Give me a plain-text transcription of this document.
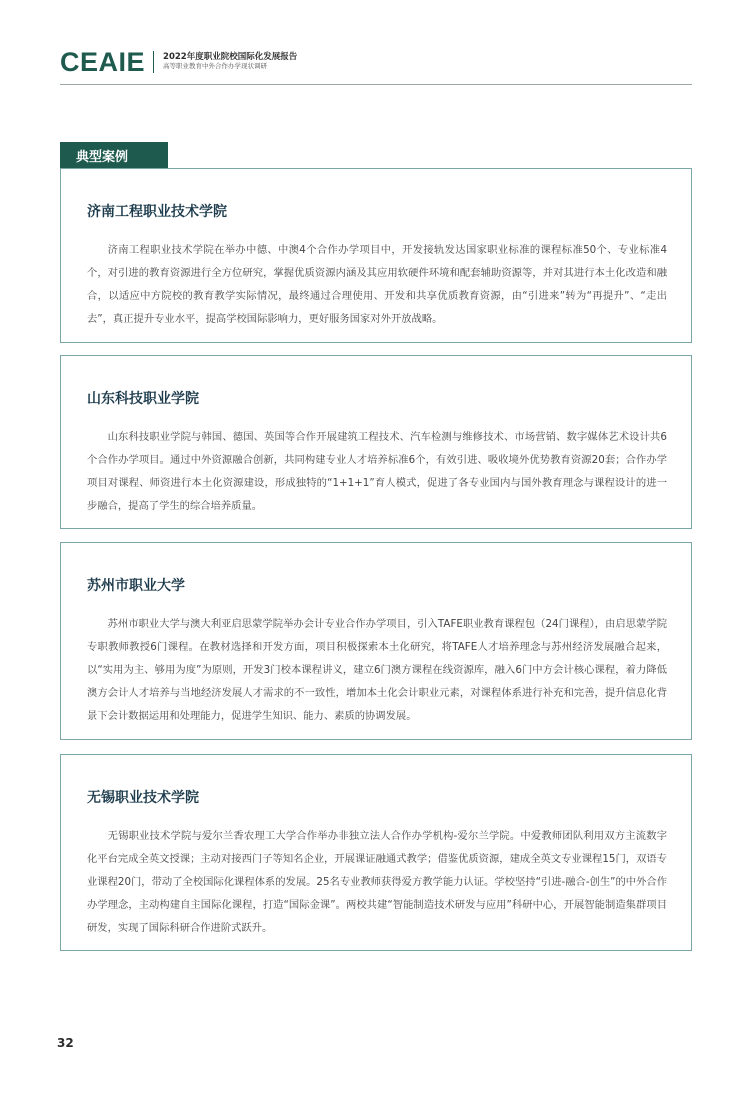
CEAIE 2022年度职业院校国际化发展报告
高等职业教育中外合作办学现状调研
典型案例
济南工程职业技术学院
济南工程职业技术学院在举办中德、中澳4个合作办学项目中，开发接轨发达国家职业标准的课程标准50个、专业标准4个，对引进的教育资源进行全方位研究，掌握优质资源内涵及其应用软硬件环境和配套辅助资源等，并对其进行本土化改造和融合，以适应中方院校的教育教学实际情况，最终通过合理使用、开发和共享优质教育资源，由“引进来”转为“再提升”、“走出去”，真正提升专业水平，提高学校国际影响力，更好服务国家对外开放战略。
山东科技职业学院
山东科技职业学院与韩国、德国、英国等合作开展建筑工程技术、汽车检测与维修技术、市场营销、数字媒体艺术设计共6个合作办学项目。通过中外资源融合创新，共同构建专业人才培养标准6个，有效引进、吸收境外优势教育资源20套；合作办学项目对课程、师资进行本土化资源建设，形成独特的“1+1+1”育人模式，促进了各专业国内与国外教育理念与课程设计的进一步融合，提高了学生的综合培养质量。
苏州市职业大学
苏州市职业大学与澳大利亚启思蒙学院举办会计专业合作办学项目，引入TAFE职业教育课程包（24门课程），由启思蒙学院专职教师教授6门课程。在教材选择和开发方面，项目积极探索本土化研究，将TAFE人才培养理念与苏州经济发展融合起来，以“实用为主、够用为度”为原则，开发3门校本课程讲义，建立6门澳方课程在线资源库，融入6门中方会计核心课程，着力降低澳方会计人才培养与当地经济发展人才需求的不一致性，增加本土化会计职业元素，对课程体系进行补充和完善，提升信息化背景下会计数据运用和处理能力，促进学生知识、能力、素质的协调发展。
无锡职业技术学院
无锡职业技术学院与爱尔兰香农理工大学合作举办非独立法人合作办学机构-爱尔兰学院。中爱教师团队利用双方主流数字化平台完成全英文授课；主动对接西门子等知名企业，开展课证融通式教学；借鉴优质资源，建成全英文专业课程15门，双语专业课程20门，带动了全校国际化课程体系的发展。25名专业教师获得爱方教学能力认证。学校坚持“引进-融合-创生”的中外合作办学理念，主动构建自主国际化课程，打造“国际金课”。两校共建“智能制造技术研发与应用”科研中心，开展智能制造集群项目研发，实现了国际科研合作进阶式跃升。
32
